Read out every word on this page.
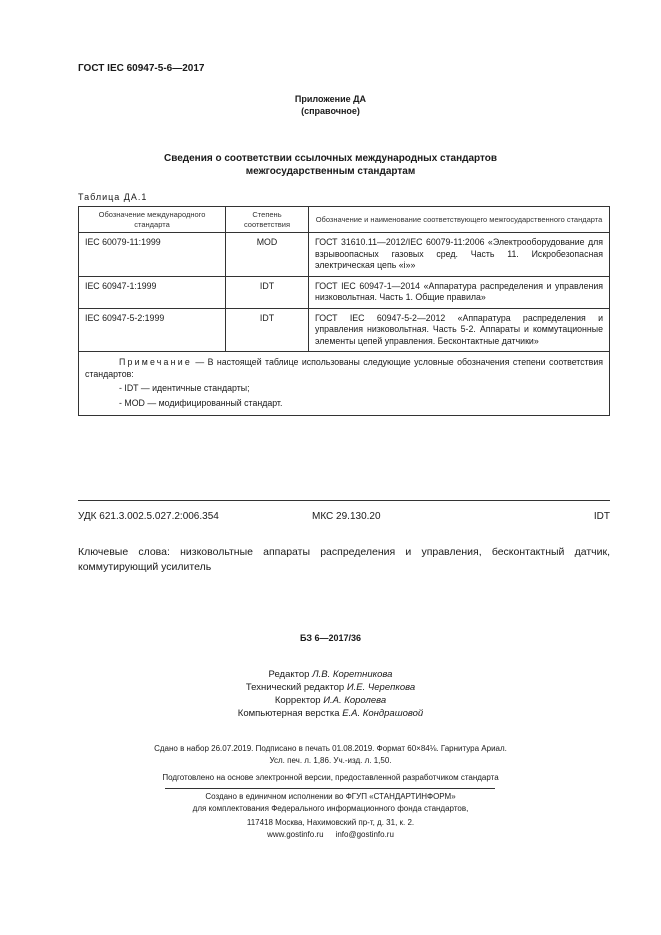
ГОСТ IEC 60947-5-6—2017
Приложение ДА
(справочное)
Сведения о соответствии ссылочных международных стандартов
межгосударственным стандартам
Таблица ДА.1
Обозначение международного стандарта	Степень соответствия	Обозначение и наименование соответствующего межгосударственного стандарта
IEC 60079-11:1999	MOD	ГОСТ 31610.11—2012/IEC 60079-11:2006 «Электрооборудование для взрывоопасных газовых сред. Часть 11. Искробезопасная электрическая цепь «i»»
IEC 60947-1:1999	IDT	ГОСТ IEC 60947-1—2014 «Аппаратура распределения и управления низковольтная. Часть 1. Общие правила»
IEC 60947-5-2:1999	IDT	ГОСТ IEC 60947-5-2—2012 «Аппаратура распределения и управления низковольтная. Часть 5-2. Аппараты и коммутационные элементы цепей управления. Бесконтактные датчики»

Примечание — В настоящей таблице использованы следующие условные обозначения степени соответствия стандартов:
- IDT — идентичные стандарты;
- MOD — модифицированный стандарт.		
УДК 621.3.002.5.027.2:006.354	МКС 29.130.20	IDT
Ключевые слова: низковольтные аппараты распределения и управления, бесконтактный датчик, коммутирующий усилитель
БЗ 6—2017/36
Редактор Л.В. Коретникова
Технический редактор И.Е. Черепкова
Корректор И.А. Королева
Компьютерная верстка Е.А. Кондрашовой
Сдано в набор 26.07.2019. Подписано в печать 01.08.2019. Формат 60×84⅛. Гарнитура Ариал.
Усл. печ. л. 1,86. Уч.-изд. л. 1,50.
Подготовлено на основе электронной версии, предоставленной разработчиком стандарта
Создано в единичном исполнении во ФГУП «СТАНДАРТИНФОРМ»
для комплектования Федерального информационного фонда стандартов,
117418 Москва, Нахимовский пр-т, д. 31, к. 2.
www.gostinfo.ru info@gostinfo.ru
